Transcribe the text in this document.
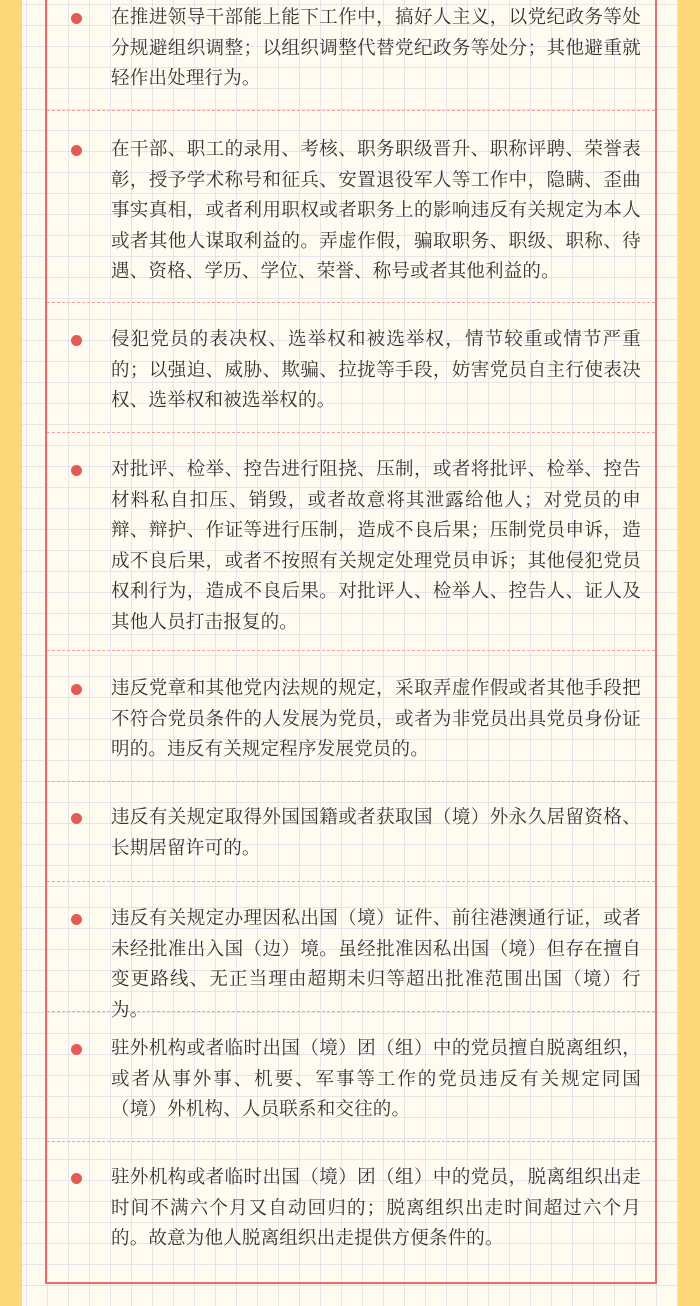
在推进领导干部能上能下工作中，搞好人主义，以党纪政务等处分规避组织调整；以组织调整代替党纪政务等处分；其他避重就轻作出处理行为。
在干部、职工的录用、考核、职务职级晋升、职称评聘、荣誉表彰，授予学术称号和征兵、安置退役军人等工作中，隐瞒、歪曲事实真相，或者利用职权或者职务上的影响违反有关规定为本人或者其他人谋取利益的。弄虚作假，骗取职务、职级、职称、待遇、资格、学历、学位、荣誉、称号或者其他利益的。
侵犯党员的表决权、选举权和被选举权，情节较重或情节严重的；以强迫、威胁、欺骗、拉拢等手段，妨害党员自主行使表决权、选举权和被选举权的。
对批评、检举、控告进行阻挠、压制，或者将批评、检举、控告材料私自扣压、销毁，或者故意将其泄露给他人；对党员的申辩、辩护、作证等进行压制，造成不良后果；压制党员申诉，造成不良后果，或者不按照有关规定处理党员申诉；其他侵犯党员权利行为，造成不良后果。对批评人、检举人、控告人、证人及其他人员打击报复的。
违反党章和其他党内法规的规定，采取弄虚作假或者其他手段把不符合党员条件的人发展为党员，或者为非党员出具党员身份证明的。违反有关规定程序发展党员的。
违反有关规定取得外国国籍或者获取国（境）外永久居留资格、长期居留许可的。
违反有关规定办理因私出国（境）证件、前往港澳通行证，或者未经批准出入国（边）境。虽经批准因私出国（境）但存在擅自变更路线、无正当理由超期未归等超出批准范围出国（境）行为。
驻外机构或者临时出国（境）团（组）中的党员擅自脱离组织，或者从事外事、机要、军事等工作的党员违反有关规定同国（境）外机构、人员联系和交往的。
驻外机构或者临时出国（境）团（组）中的党员，脱离组织出走时间不满六个月又自动回归的；脱离组织出走时间超过六个月的。故意为他人脱离组织出走提供方便条件的。
